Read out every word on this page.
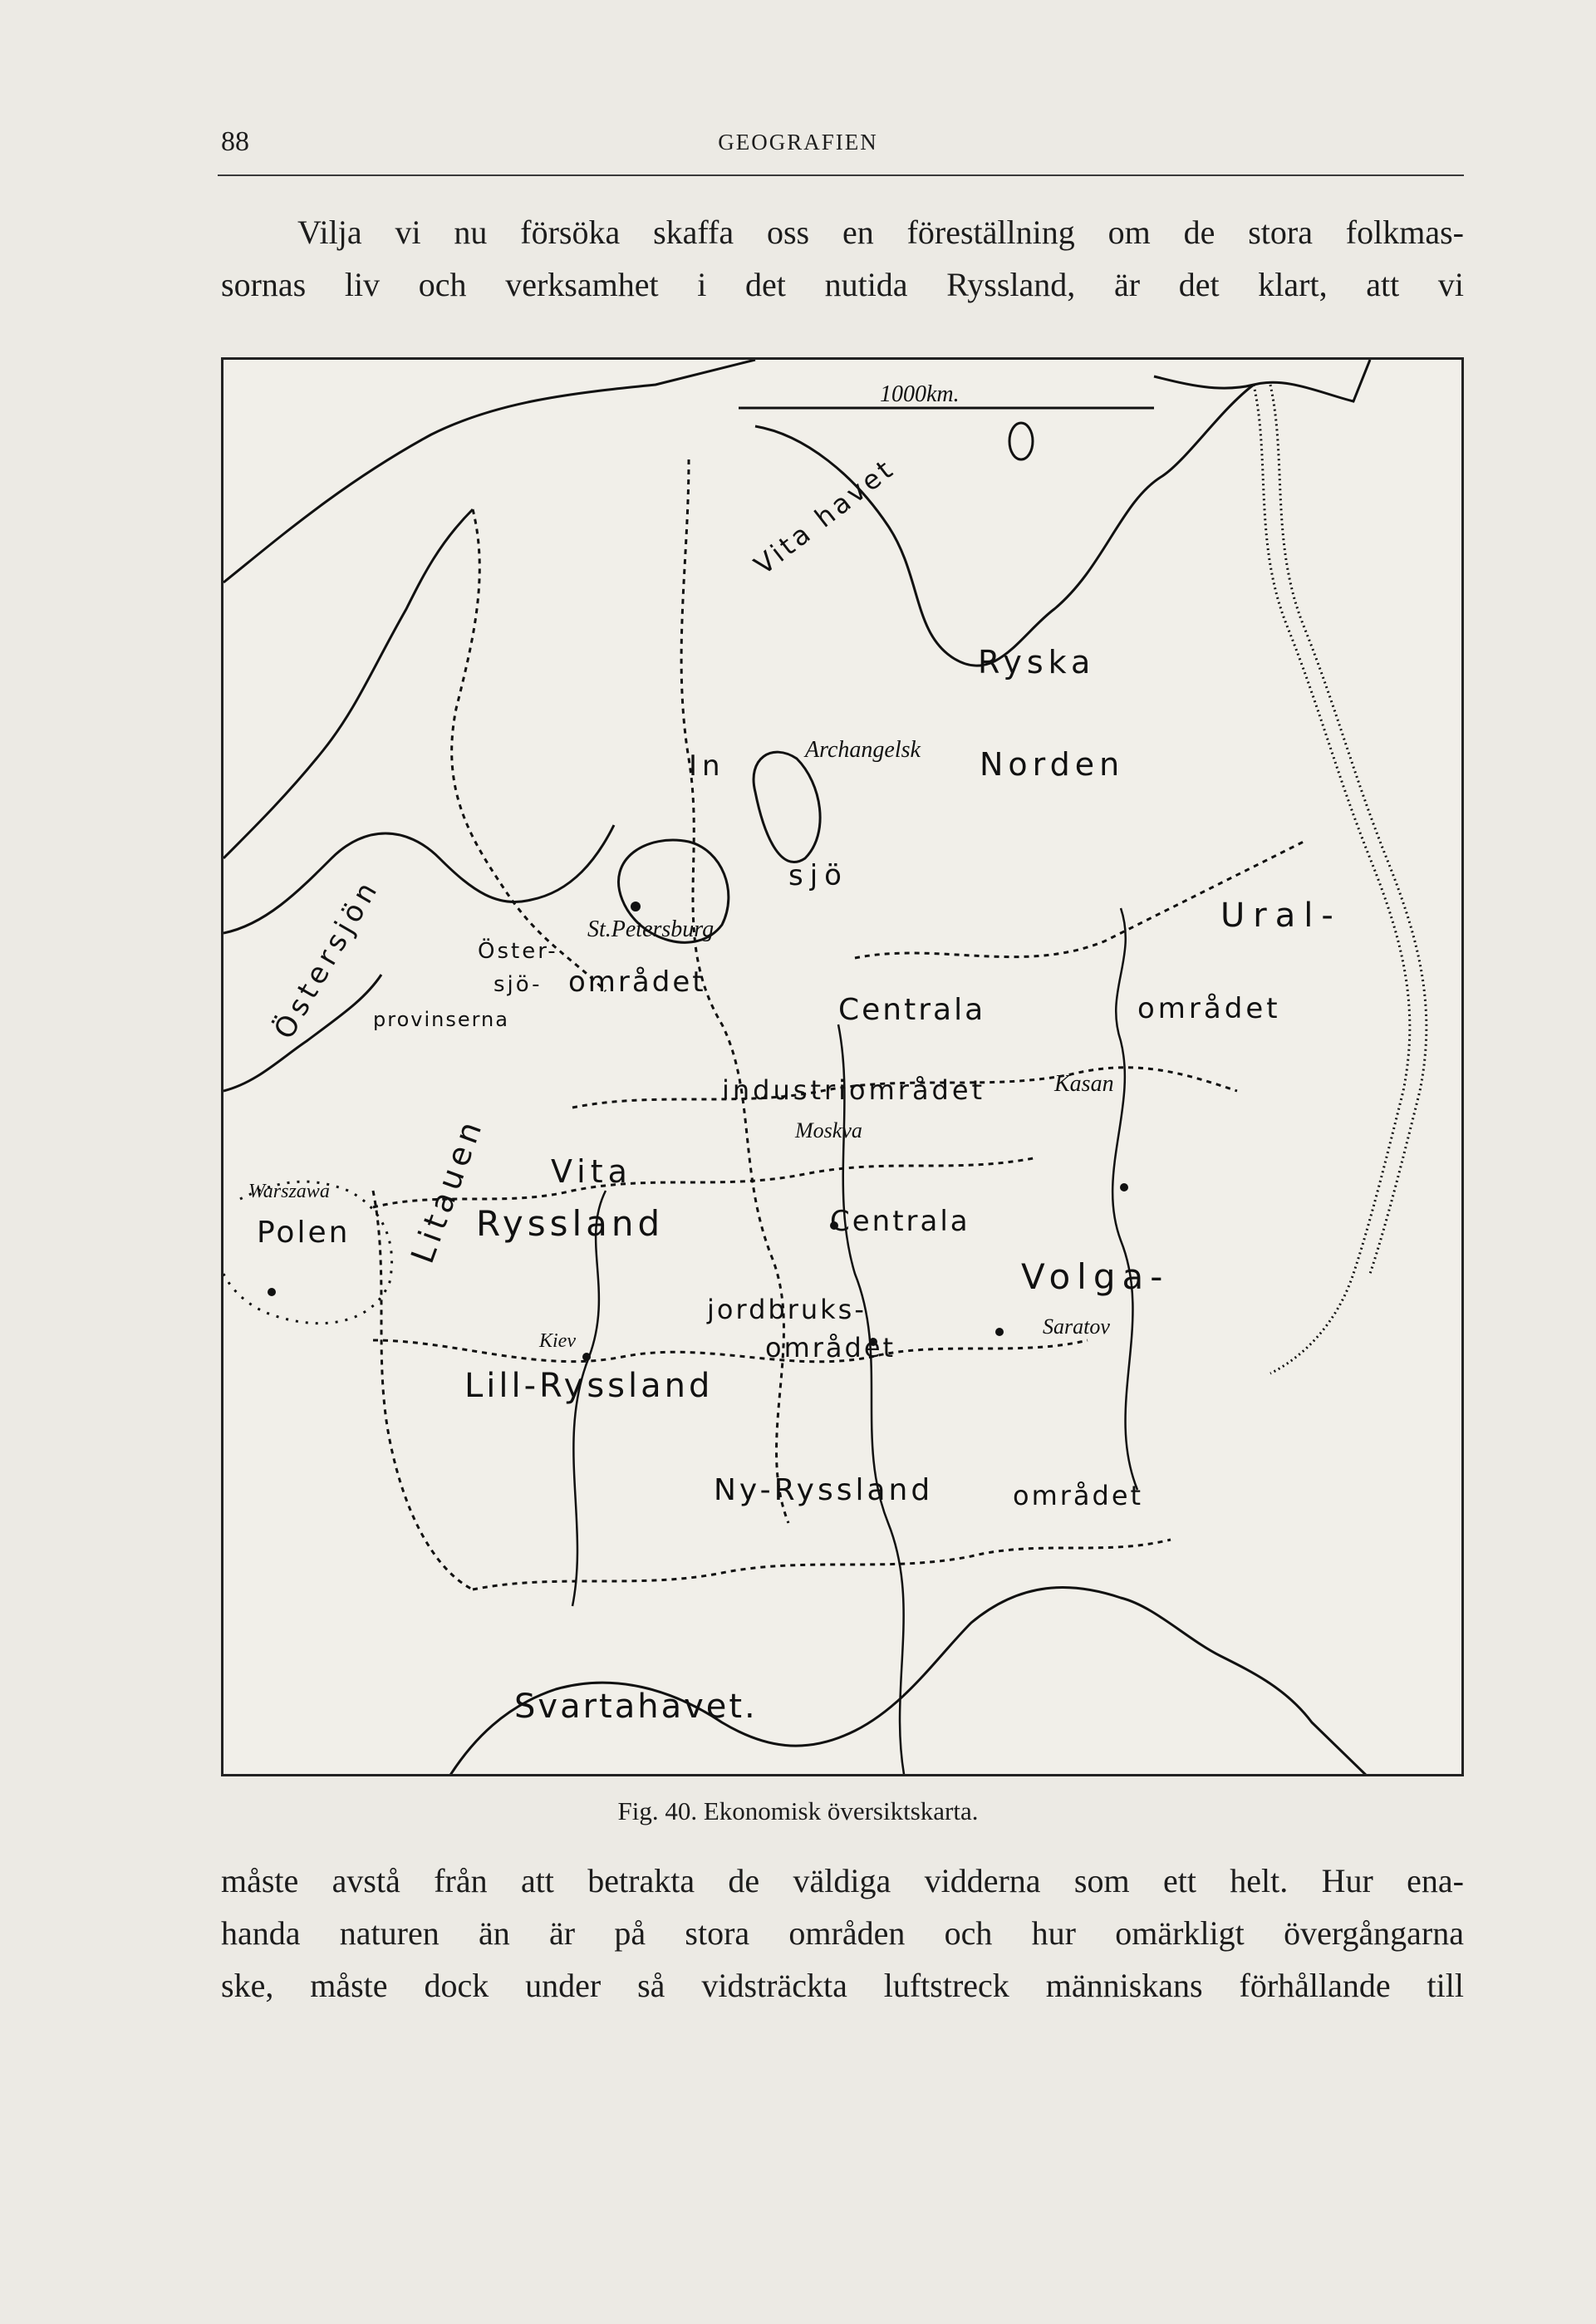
88	GEOGRAFIEN

Vilja vi nu försöka skaffa oss en föreställning om de stora folkmas-
sornas liv och verksamhet i det nutida Ryssland, är det klart, att vi

1000km.
Vita havet
Archangelsk
Ryska
Norden
In
sjö
Ural-
området
St.Petersburg
Öster-
sjö- området
Östersjön
provinserna	Centrala
industriområdet
Moskva
Kasan
Litauen
Warszawa
Polen
Vita
Ryssland	Centrala
jordbruks-
området
Volga-
Saratov
Kiev
Lill-Ryssland
Ny-Ryssland	området
Svartahavet.
Fig. 40. Ekonomisk översiktskarta.

måste avstå från att betrakta de väldiga vidderna som ett helt. Hur ena-
handa naturen än är på stora områden och hur omärkligt övergångarna
ske, måste dock under så vidsträckta luftstreck människans förhållande till
